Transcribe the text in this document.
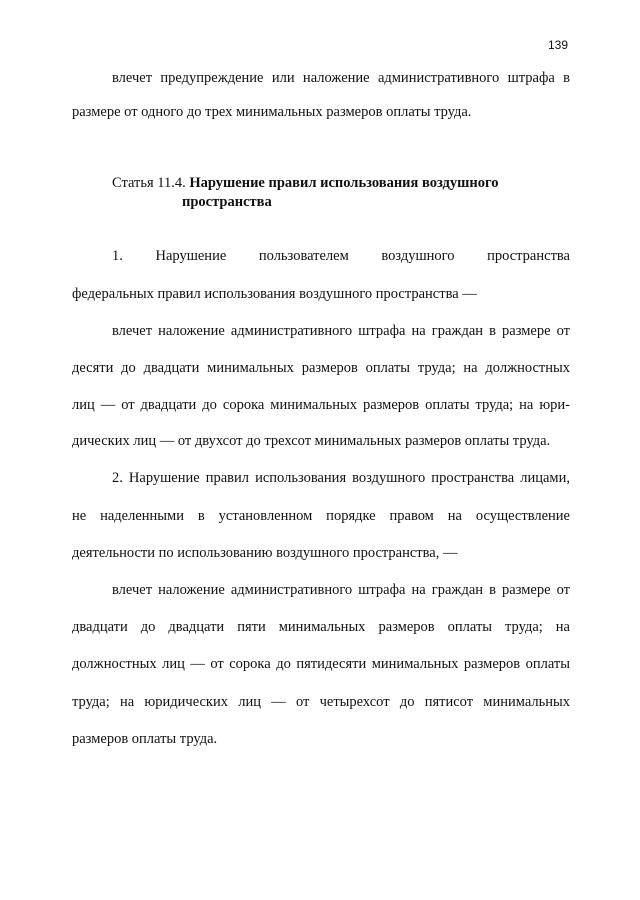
139
влечет предупреждение или наложение административного штрафа в
размере от одного до трех минимальных размеров оплаты труда.
Статья 11.4. Нарушение правил использования воздушного
пространства
1. Нарушение пользователем воздушного пространства
федеральных правил использования воздушного пространства —
влечет наложение административного штрафа на граждан в размере от
десяти до двадцати минимальных размеров оплаты труда; на должностных
лиц — от двадцати до сорока минимальных размеров оплаты труда; на юри-
дических лиц — от двухсот до трехсот минимальных размеров оплаты труда.
2. Нарушение правил использования воздушного пространства лицами,
не наделенными в установленном порядке правом на осуществление
деятельности по использованию воздушного пространства, —
влечет наложение административного штрафа на граждан в размере от
двадцати до двадцати пяти минимальных размеров оплаты труда; на
должностных лиц — от сорока до пятидесяти минимальных размеров оплаты
труда; на юридических лиц — от четырехсот до пятисот минимальных
размеров оплаты труда.
